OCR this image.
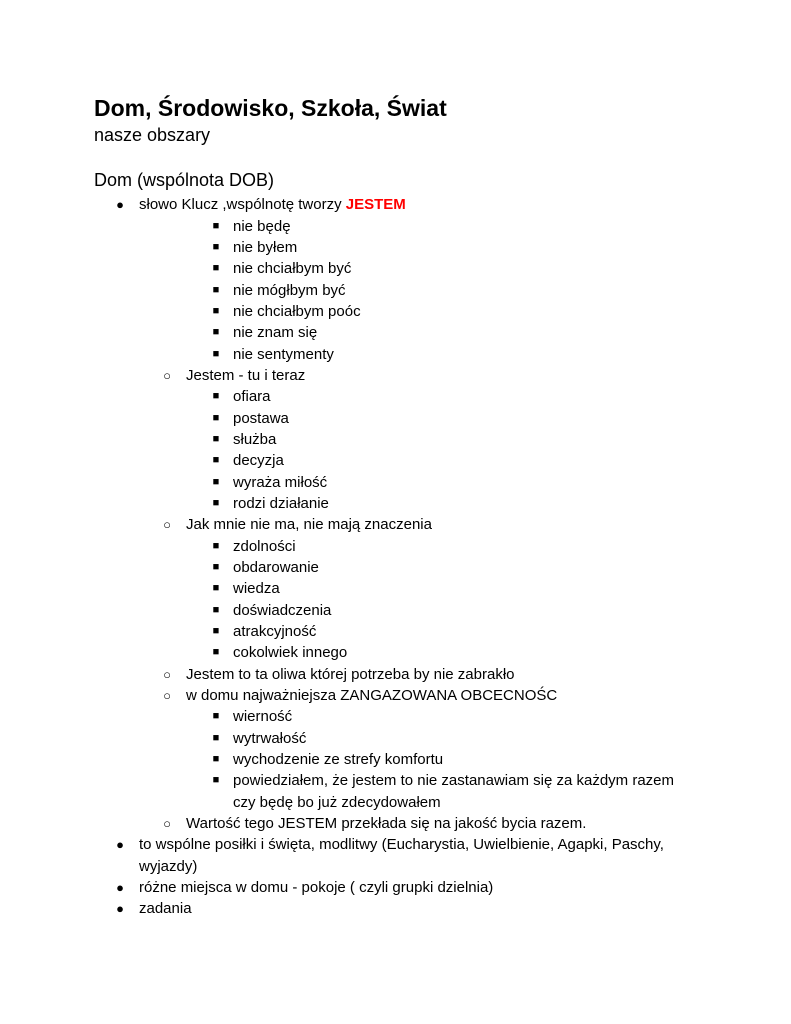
Dom, Środowisko, Szkoła, Świat
nasze obszary
Dom (wspólnota DOB)
● słowo Klucz ,wspólnotę tworzy JESTEM
■ nie będę
■ nie byłem
■ nie chciałbym być
■ nie mógłbym być
■ nie chciałbym poóc
■ nie znam się
■ nie sentymenty
○ Jestem - tu i teraz
■ ofiara
■ postawa
■ służba
■ decyzja
■ wyraża miłość
■ rodzi działanie
○ Jak mnie nie ma, nie mają znaczenia
■ zdolności
■ obdarowanie
■ wiedza
■ doświadczenia
■ atrakcyjność
■ cokolwiek innego
○ Jestem to ta oliwa której potrzeba by nie zabrakło
○ w domu najważniejsza ZANGAZOWANA OBCECNOŚC
■ wierność
■ wytrwałość
■ wychodzenie ze strefy komfortu
■ powiedziałem, że jestem to nie zastanawiam się za każdym razem
czy będę bo już zdecydowałem
○ Wartość tego JESTEM przekłada się na jakość bycia razem.
● to wspólne posiłki i święta, modlitwy (Eucharystia, Uwielbienie, Agapki, Paschy,
wyjazdy)
● różne miejsca w domu - pokoje ( czyli grupki dzielnia)
● zadania
